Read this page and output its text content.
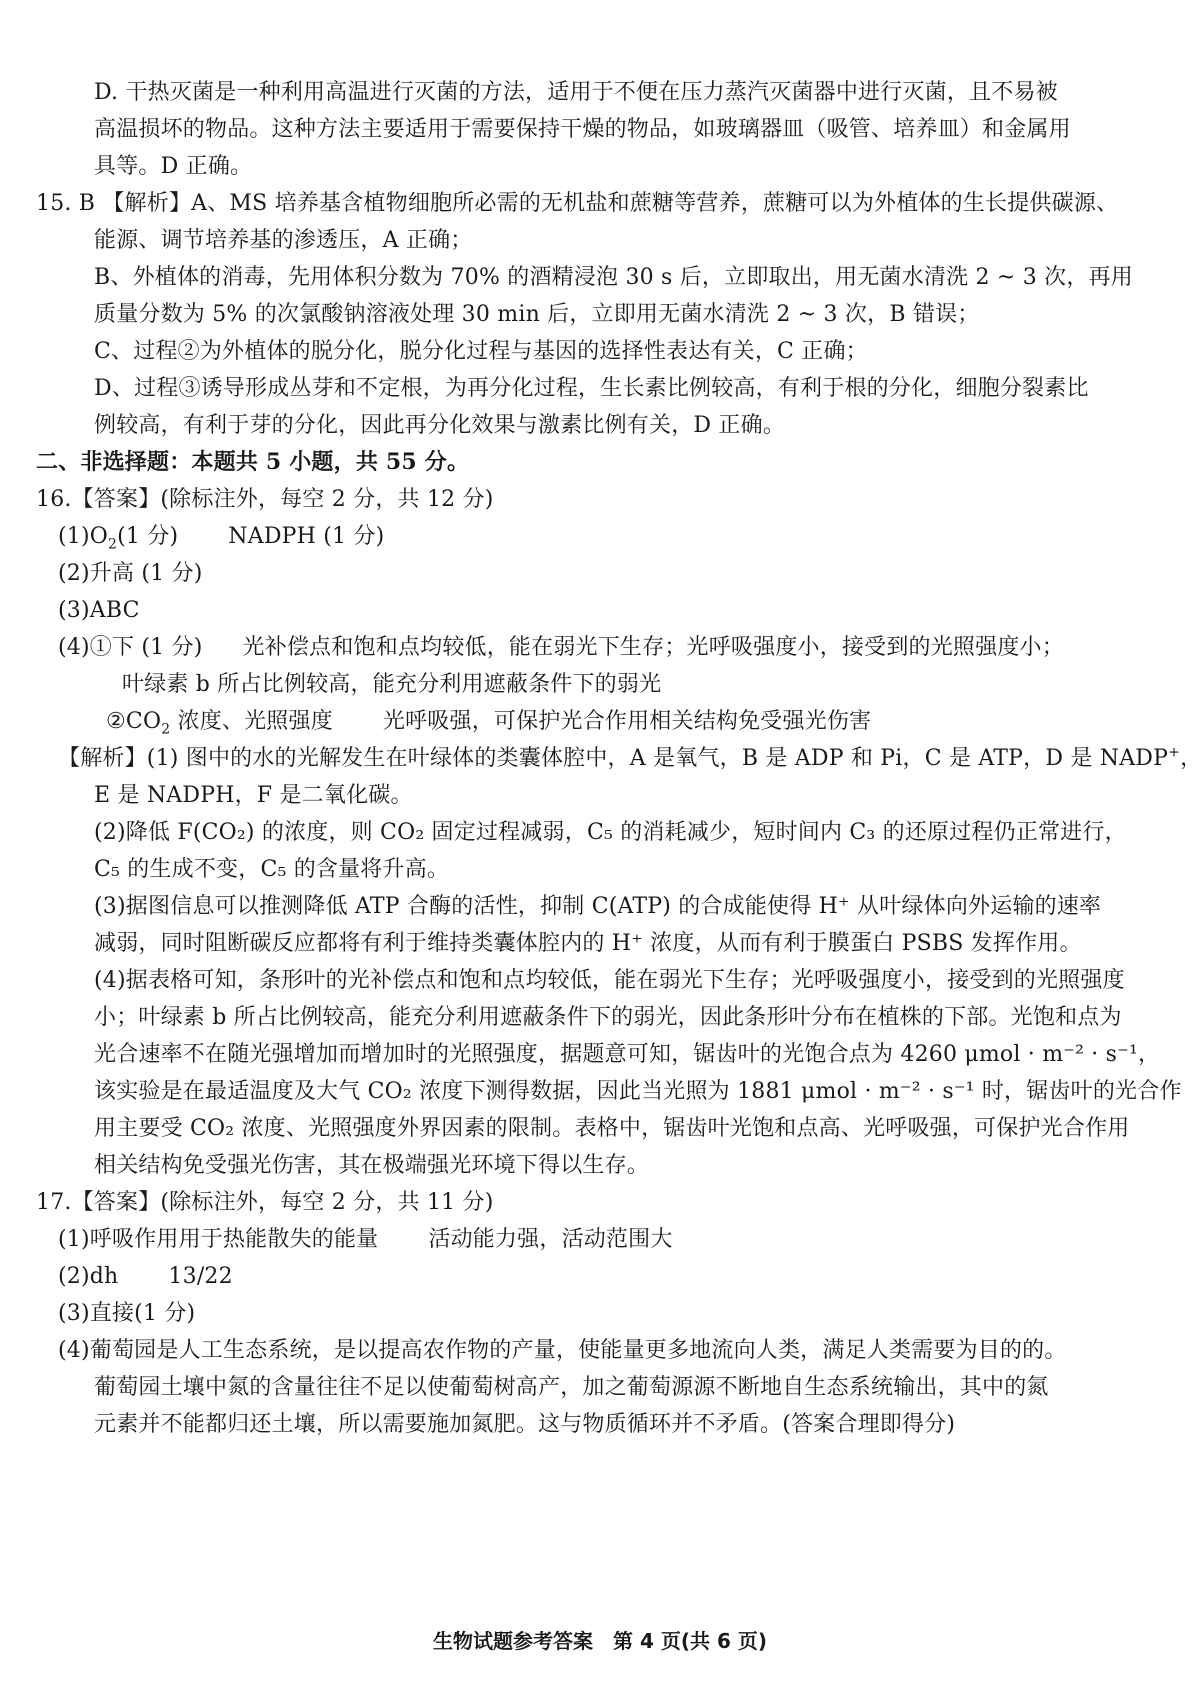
D. 干热灭菌是一种利用高温进行灭菌的方法，适用于不便在压力蒸汽灭菌器中进行灭菌，且不易被
高温损坏的物品。这种方法主要适用于需要保持干燥的物品，如玻璃器皿（吸管、培养皿）和金属用
具等。D 正确。
15. B 【解析】A、MS 培养基含植物细胞所必需的无机盐和蔗糖等营养，蔗糖可以为外植体的生长提供碳源、
能源、调节培养基的渗透压，A 正确；
B、外植体的消毒，先用体积分数为 70% 的酒精浸泡 30 s 后，立即取出，用无菌水清洗 2 ~ 3 次，再用
质量分数为 5% 的次氯酸钠溶液处理 30 min 后，立即用无菌水清洗 2 ~ 3 次，B 错误；
C、过程②为外植体的脱分化，脱分化过程与基因的选择性表达有关，C 正确；
D、过程③诱导形成丛芽和不定根，为再分化过程，生长素比例较高，有利于根的分化，细胞分裂素比
例较高，有利于芽的分化，因此再分化效果与激素比例有关，D 正确。
二、非选择题：本题共 5 小题，共 55 分。
16.【答案】(除标注外，每空 2 分，共 12 分)
$(1)O_2(1$ 分) NADPH (1 分)
(2)升高 (1 分)
(3)ABC
(4)①下 (1 分) 光补偿点和饱和点均较低，能在弱光下生存；光呼吸强度小，接受到的光照强度小；
叶绿素 b 所占比例较高，能充分利用遮蔽条件下的弱光
$②CO_2$ 浓度、光照强度 光呼吸强，可保护光合作用相关结构免受强光伤害
【解析】(1) 图中的水的光解发生在叶绿体的类囊体腔中，A 是氧气，B 是 ADP 和 Pi，C 是 ATP，D 是 NADP+，
E 是 NADPH，F 是二氧化碳。
(2)降低 F(CO₂) 的浓度，则 CO₂ 固定过程减弱，C₅ 的消耗减少，短时间内 C₃ 的还原过程仍正常进行，
C₅ 的生成不变，C₅ 的含量将升高。
(3)据图信息可以推测降低 ATP 合酶的活性，抑制 C(ATP) 的合成能使得 H⁺ 从叶绿体向外运输的速率
减弱，同时阻断碳反应都将有利于维持类囊体腔内的 H⁺ 浓度，从而有利于膜蛋白 PSBS 发挥作用。
(4)据表格可知，条形叶的光补偿点和饱和点均较低，能在弱光下生存；光呼吸强度小，接受到的光照强度
小；叶绿素 b 所占比例较高，能充分利用遮蔽条件下的弱光，因此条形叶分布在植株的下部。光饱和点为
光合速率不在随光强增加而增加时的光照强度，据题意可知，锯齿叶的光饱合点为 4260 μmol · m⁻² · s⁻¹，
该实验是在最适温度及大气 CO₂ 浓度下测得数据，因此当光照为 1881 μmol · m⁻² · s⁻¹ 时，锯齿叶的光合作
用主要受 CO₂ 浓度、光照强度外界因素的限制。表格中，锯齿叶光饱和点高、光呼吸强，可保护光合作用
相关结构免受强光伤害，其在极端强光环境下得以生存。
17.【答案】(除标注外，每空 2 分，共 11 分)
(1)呼吸作用用于热能散失的能量 活动能力强，活动范围大
(2)dh 13/22
(3)直接(1 分)
(4)葡萄园是人工生态系统，是以提高农作物的产量，使能量更多地流向人类，满足人类需要为目的的。
葡萄园土壤中氮的含量往往不足以使葡萄树高产，加之葡萄源源不断地自生态系统输出，其中的氮
元素并不能都归还土壤，所以需要施加氮肥。这与物质循环并不矛盾。(答案合理即得分)
生物试题参考答案　第 4 页(共 6 页)
